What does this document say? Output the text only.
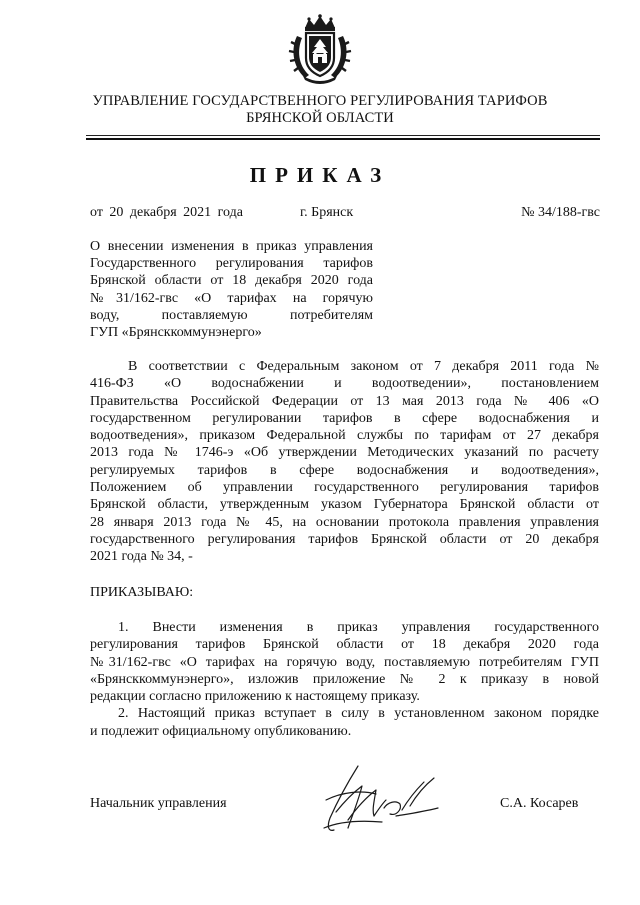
УПРАВЛЕНИЕ ГОСУДАРСТВЕННОГО РЕГУЛИРОВАНИЯ ТАРИФОВ
БРЯНСКОЙ ОБЛАСТИ
ПРИКАЗ
от 20 декабря 2021 года	г. Брянск	№ 34/188-гвс
О внесении изменения в приказ управления
Государственного регулирования тарифов
Брянской области от 18 декабря 2020 года
№31/162-гвс «О тарифах на горячую
воду, поставляемую потребителям
ГУП «Брянсккоммунэнерго»
В соответствии с Федеральным законом от 7 декабря 2011 года №
416-ФЗ «О водоснабжении и водоотведении», постановлением
Правительства Российской Федерации от 13 мая 2013 года № 406 «О
государственном регулировании тарифов в сфере водоснабжения и
водоотведения», приказом Федеральной службы по тарифам от 27 декабря
2013 года № 1746-э «Об утверждении Методических указаний по расчету
регулируемых тарифов в сфере водоснабжения и водоотведения»,
Положением об управлении государственного регулирования тарифов
Брянской области, утвержденным указом Губернатора Брянской области от
28 января 2013 года № 45, на основании протокола правления управления
государственного регулирования тарифов Брянской области от 20 декабря
2021 года № 34, -
ПРИКАЗЫВАЮ:
1. Внести изменения в приказ управления государственного
регулирования тарифов Брянской области от 18 декабря 2020 года
№31/162-гвс «О тарифах на горячую воду, поставляемую потребителям ГУП
«Брянсккоммунэнерго», изложив приложение № 2 к приказу в новой
редакции согласно приложению к настоящему приказу.
2. Настоящий приказ вступает в силу в установленном законом порядке
и подлежит официальному опубликованию.
Начальник управления	С.А. Косарев
